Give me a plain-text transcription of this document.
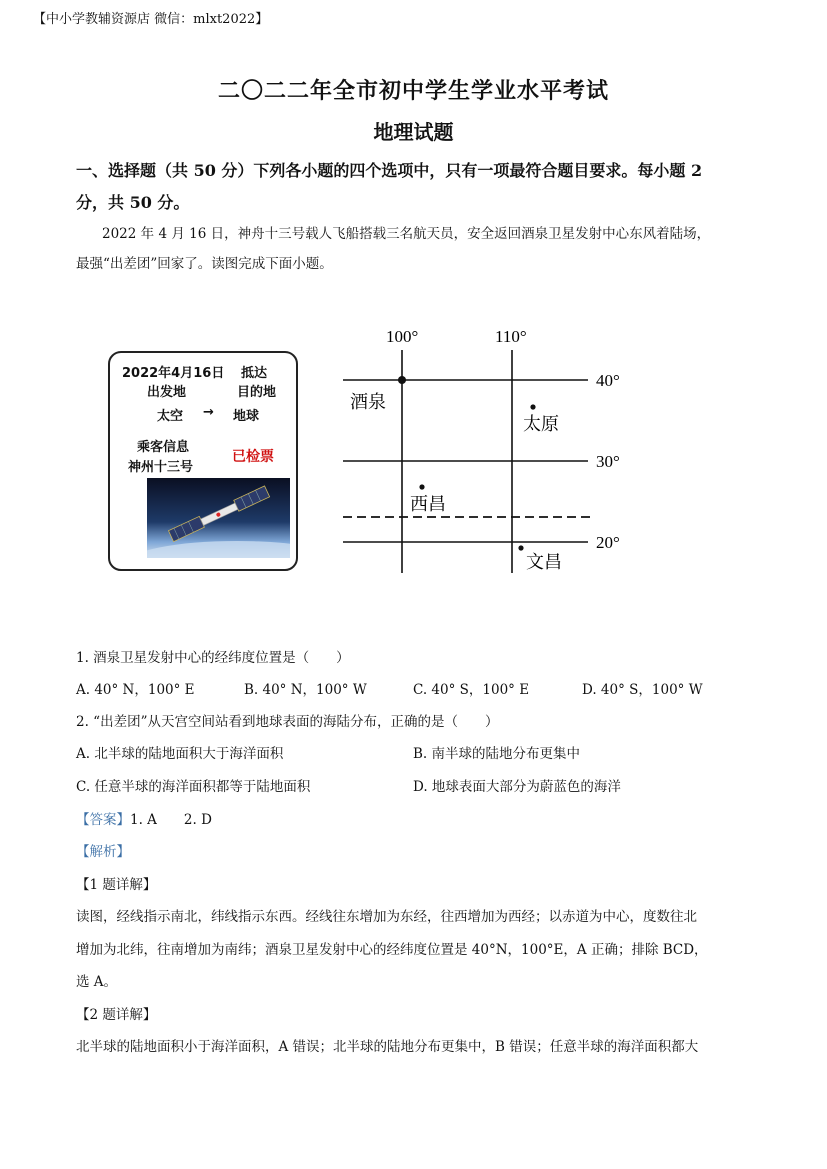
【中小学教辅资源店 微信：mlxt2022】
二〇二二年全市初中学生学业水平考试
地理试题
一、选择题（共 50 分）下列各小题的四个选项中，只有一项最符合题目要求。每小题 2
分，共 50 分。
2022 年 4 月 16 日，神舟十三号载人飞船搭载三名航天员，安全返回酒泉卫星发射中心东风着陆场，
最强“出差团”回家了。读图完成下面小题。
2022年4月16日 抵达
出发地	目的地
太空 → 地球
乘客信息
神州十三号
已检票
100°	110°
40°
30°
20°
酒泉
太原
西昌
文昌
1. 酒泉卫星发射中心的经纬度位置是（　　）
A. 40° N，100° E	B. 40° N，100° W	C. 40° S，100° E	D. 40° S，100° W
2. “出差团”从天宫空间站看到地球表面的海陆分布，正确的是（　　）
A. 北半球的陆地面积大于海洋面积	B. 南半球的陆地分布更集中
C. 任意半球的海洋面积都等于陆地面积	D. 地球表面大部分为蔚蓝色的海洋
【答案】1. A　　2. D
【解析】
【1 题详解】
读图，经线指示南北，纬线指示东西。经线往东增加为东经，往西增加为西经；以赤道为中心，度数往北
增加为北纬，往南增加为南纬；酒泉卫星发射中心的经纬度位置是 40°N，100°E，A 正确；排除 BCD，
选 A。
【2 题详解】
北半球的陆地面积小于海洋面积，A 错误；北半球的陆地分布更集中，B 错误；任意半球的海洋面积都大
